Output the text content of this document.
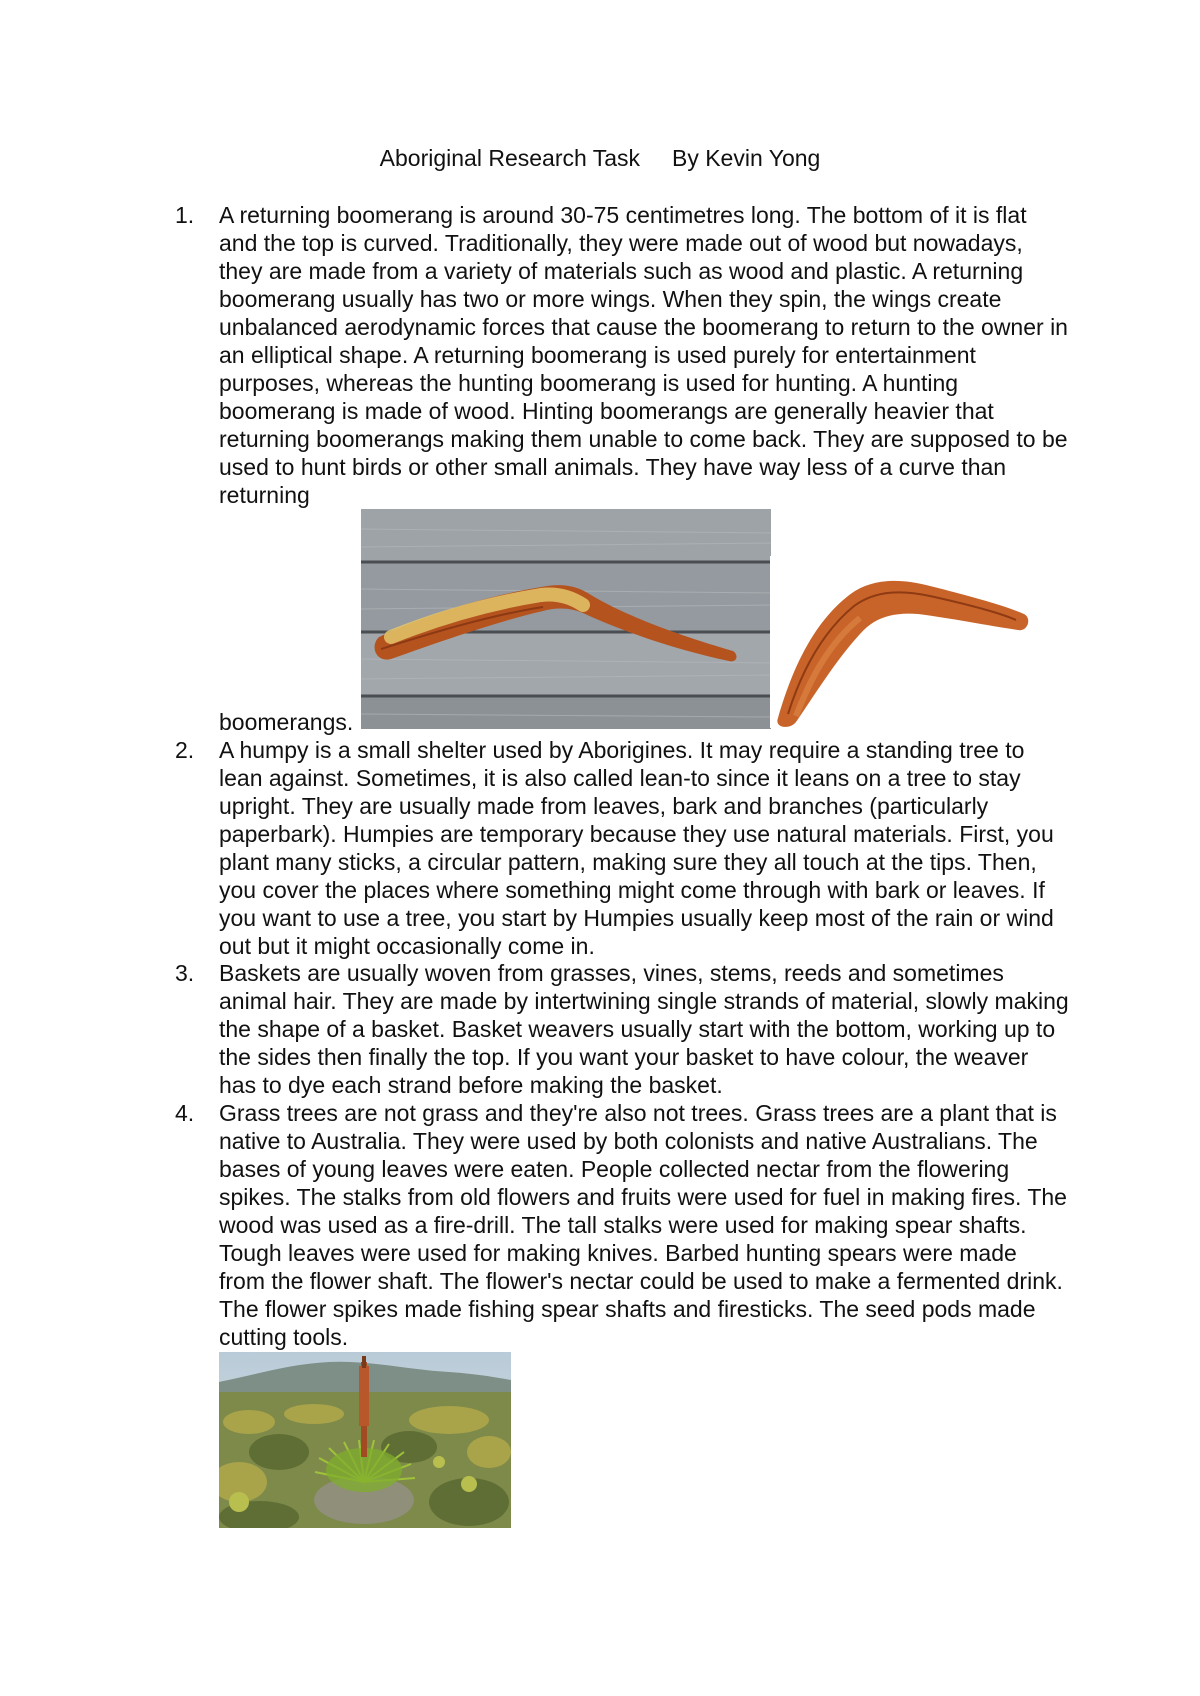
Aboriginal Research Task     By Kevin Yong
1. A returning boomerang is around 30-75 centimetres long. The bottom of it is flat and the top is curved. Traditionally, they were made out of wood but nowadays, they are made from a variety of materials such as wood and plastic. A returning boomerang usually has two or more wings. When they spin, the wings create unbalanced aerodynamic forces that cause the boomerang to return to the owner in an elliptical shape. A returning boomerang is used purely for entertainment purposes, whereas the hunting boomerang is used for hunting. A hunting boomerang is made of wood. Hinting boomerangs are generally heavier that returning boomerangs making them unable to come back. They are supposed to be used to hunt birds or other small animals. They have way less of a curve than returning
boomerangs.
2. A humpy is a small shelter used by Aborigines. It may require a standing tree to lean against. Sometimes, it is also called lean-to since it leans on a tree to stay upright. They are usually made from leaves, bark and branches (particularly paperbark). Humpies are temporary because they use natural materials. First, you plant many sticks, a circular pattern, making sure they all touch at the tips. Then, you cover the places where something might come through with bark or leaves. If you want to use a tree, you start by Humpies usually keep most of the rain or wind out but it might occasionally come in.
3. Baskets are usually woven from grasses, vines, stems, reeds and sometimes animal hair. They are made by intertwining single strands of material, slowly making the shape of a basket. Basket weavers usually start with the bottom, working up to the sides then finally the top. If you want your basket to have colour, the weaver has to dye each strand before making the basket.
4. Grass trees are not grass and they're also not trees. Grass trees are a plant that is native to Australia. They were used by both colonists and native Australians. The bases of young leaves were eaten. People collected nectar from the flowering spikes. The stalks from old flowers and fruits were used for fuel in making fires. The wood was used as a fire-drill. The tall stalks were used for making spear shafts. Tough leaves were used for making knives. Barbed hunting spears were made from the flower shaft. The flower's nectar could be used to make a fermented drink. The flower spikes made fishing spear shafts and firesticks. The seed pods made cutting tools.
